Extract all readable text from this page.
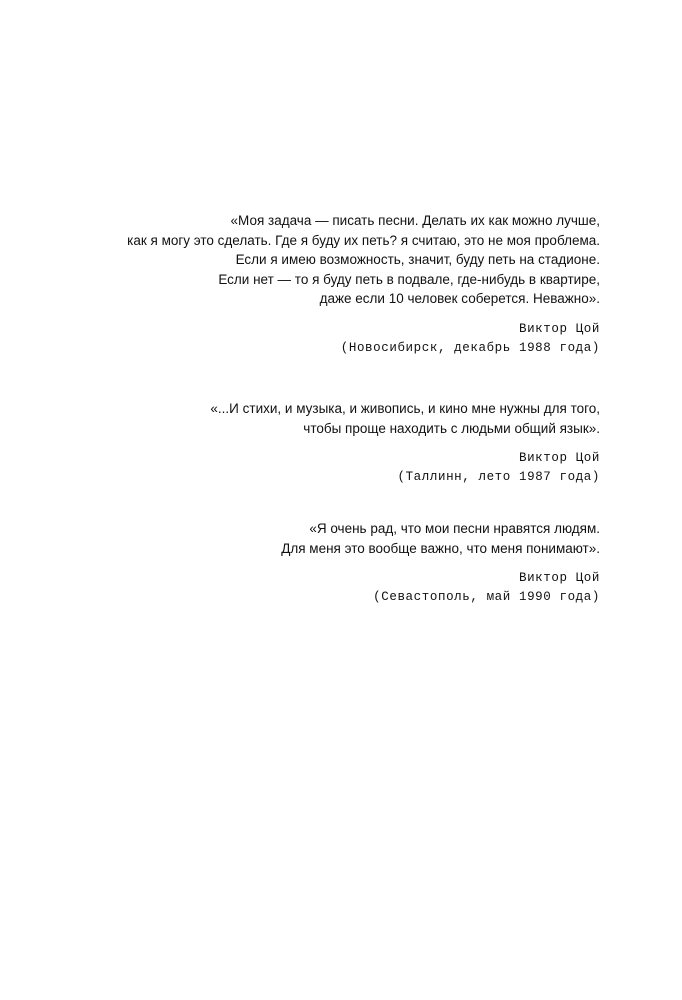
«Моя задача — писать песни. Делать их как можно лучше,
как я могу это сделать. Где я буду их петь? я считаю, это не моя проблема.
Если я имею возможность, значит, буду петь на стадионе.
Если нет — то я буду петь в подвале, где-нибудь в квартире,
даже если 10 человек соберется. Неважно».
Виктор Цой
(Новосибирск, декабрь 1988 года)
«...И стихи, и музыка, и живопись, и кино мне нужны для того,
чтобы проще находить с людьми общий язык».
Виктор Цой
(Таллинн, лето 1987 года)
«Я очень рад, что мои песни нравятся людям.
Для меня это вообще важно, что меня понимают».
Виктор Цой
(Севастополь, май 1990 года)
